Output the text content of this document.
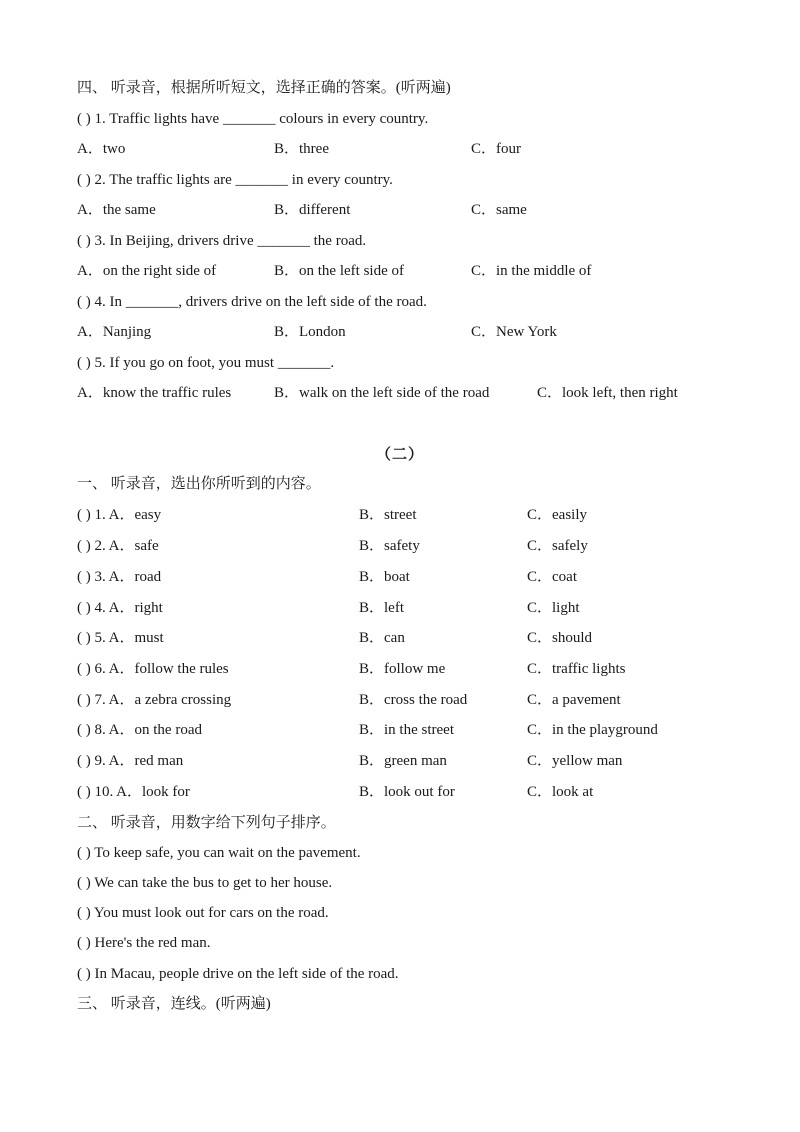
四、 听录音，根据所听短文，选择正确的答案。(听两遍)
( ) 1. Traffic lights have _______ colours in every country.
A．two	B．three	C．four
( ) 2. The traffic lights are _______ in every country.
A．the same	B．different	C．same
( ) 3. In Beijing, drivers drive _______ the road.
A．on the right side of	B．on the left side of	C．in the middle of
( ) 4. In _______, drivers drive on the left side of the road.
A．Nanjing	B．London	C．New York
( ) 5. If you go on foot, you must _______.
A．know the traffic rules	B．walk on the left side of the road	C．look left, then right
（二）
一、 听录音，选出你所听到的内容。
( ) 1. A．easy	B．street	C．easily
( ) 2. A．safe	B．safety	C．safely
( ) 3. A．road	B．boat	C．coat
( ) 4. A．right	B．left	C．light
( ) 5. A．must	B．can	C．should
( ) 6. A．follow the rules	B．follow me	C．traffic lights
( ) 7. A．a zebra crossing	B．cross the road	C．a pavement
( ) 8. A．on the road	B．in the street	C．in the playground
( ) 9. A．red man	B．green man	C．yellow man
( ) 10. A．look for	B．look out for	C．look at
二、 听录音，用数字给下列句子排序。
( ) To keep safe, you can wait on the pavement.
( ) We can take the bus to get to her house.
( ) You must look out for cars on the road.
( ) Here's the red man.
( ) In Macau, people drive on the left side of the road.
三、 听录音，连线。(听两遍)
